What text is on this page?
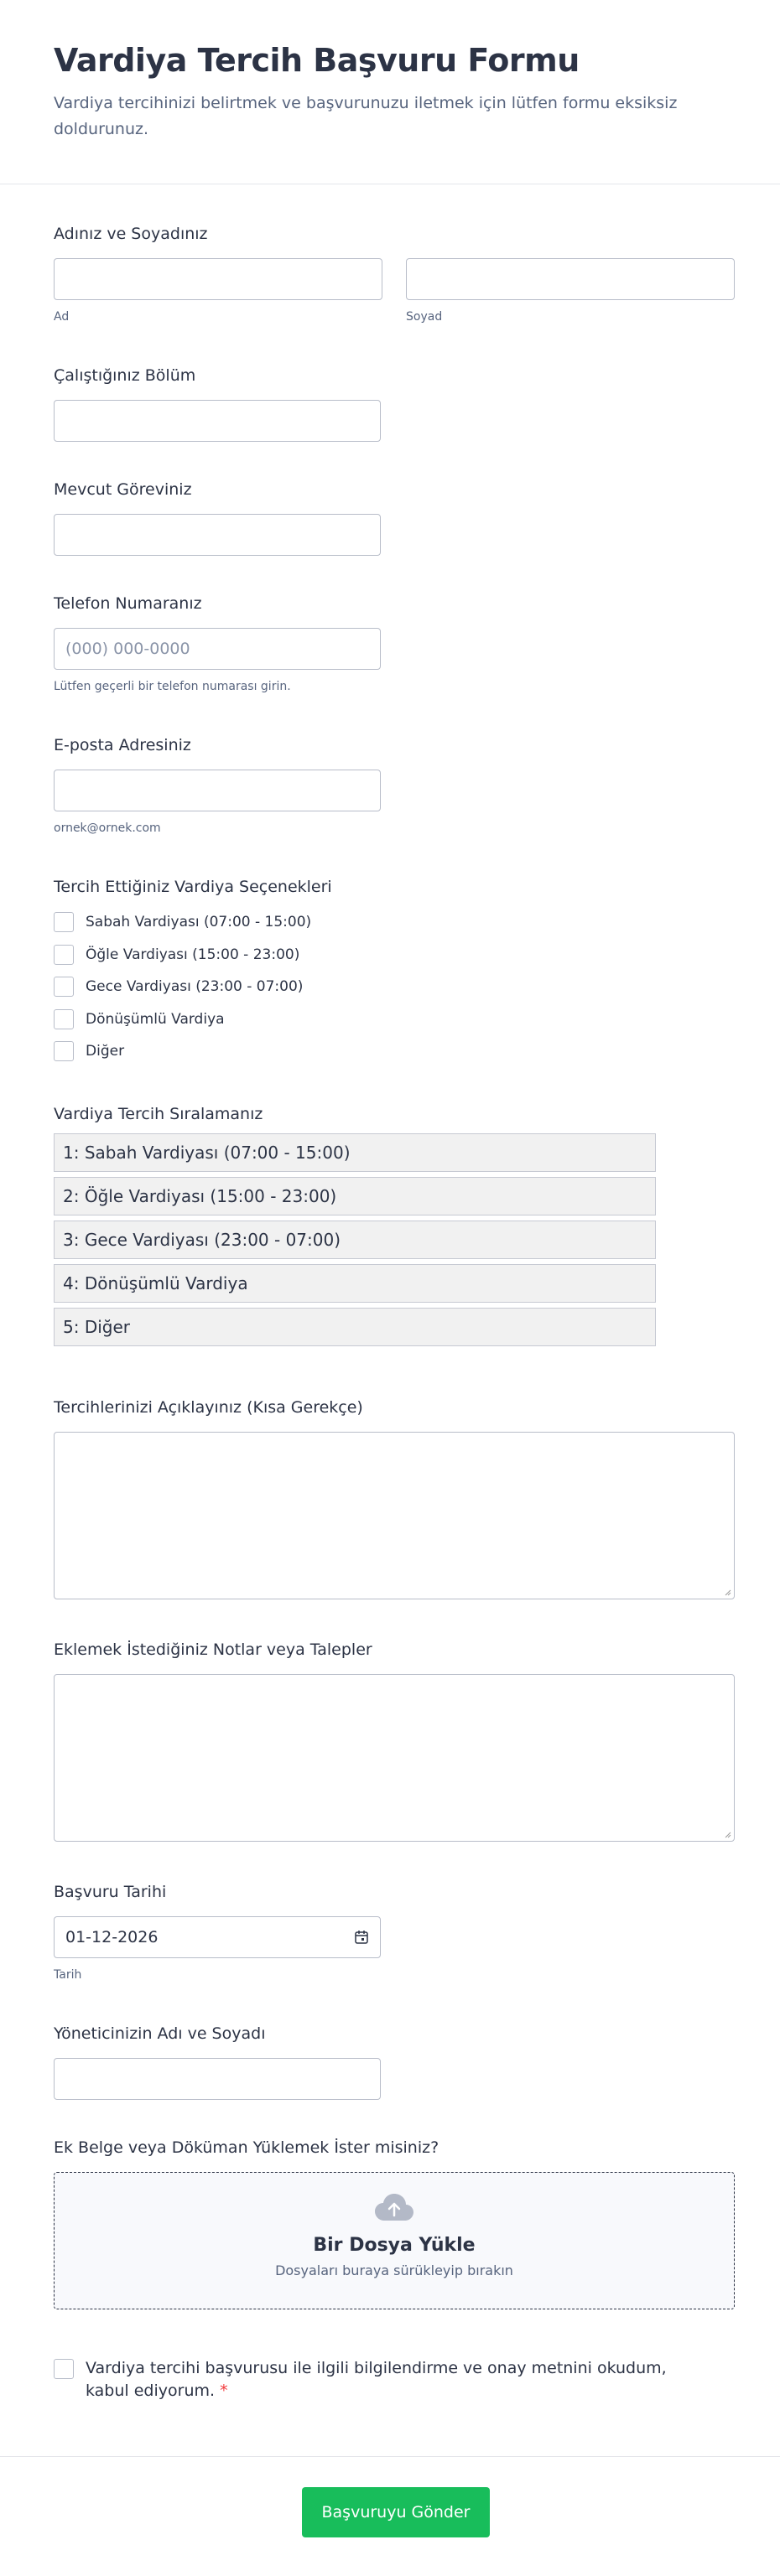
Vardiya Tercih Başvuru Formu

Vardiya tercihinizi belirtmek ve başvurunuzu iletmek için lütfen formu eksiksiz doldurunuz.

Adınız ve Soyadınız
Ad	Soyad
Çalıştığınız Bölüm
Mevcut Göreviniz
Telefon Numaranız
(000) 000-0000
Lütfen geçerli bir telefon numarası girin.
E-posta Adresiniz
ornek@ornek.com
Tercih Ettiğiniz Vardiya Seçenekleri
Sabah Vardiyası (07:00 - 15:00)
Öğle Vardiyası (15:00 - 23:00)
Gece Vardiyası (23:00 - 07:00)
Dönüşümlü Vardiya
Diğer
Vardiya Tercih Sıralamanız
1: Sabah Vardiyası (07:00 - 15:00)
2: Öğle Vardiyası (15:00 - 23:00)
3: Gece Vardiyası (23:00 - 07:00)
4: Dönüşümlü Vardiya
5: Diğer
Tercihlerinizi Açıklayınız (Kısa Gerekçe)
Eklemek İstediğiniz Notlar veya Talepler
Başvuru Tarihi
01-12-2026
Tarih
Yöneticinizin Adı ve Soyadı
Ek Belge veya Döküman Yüklemek İster misiniz?
Bir Dosya Yükle
Dosyaları buraya sürükleyip bırakın
Vardiya tercihi başvurusu ile ilgili bilgilendirme ve onay metnini okudum, kabul ediyorum. *
Başvuruyu Gönder
